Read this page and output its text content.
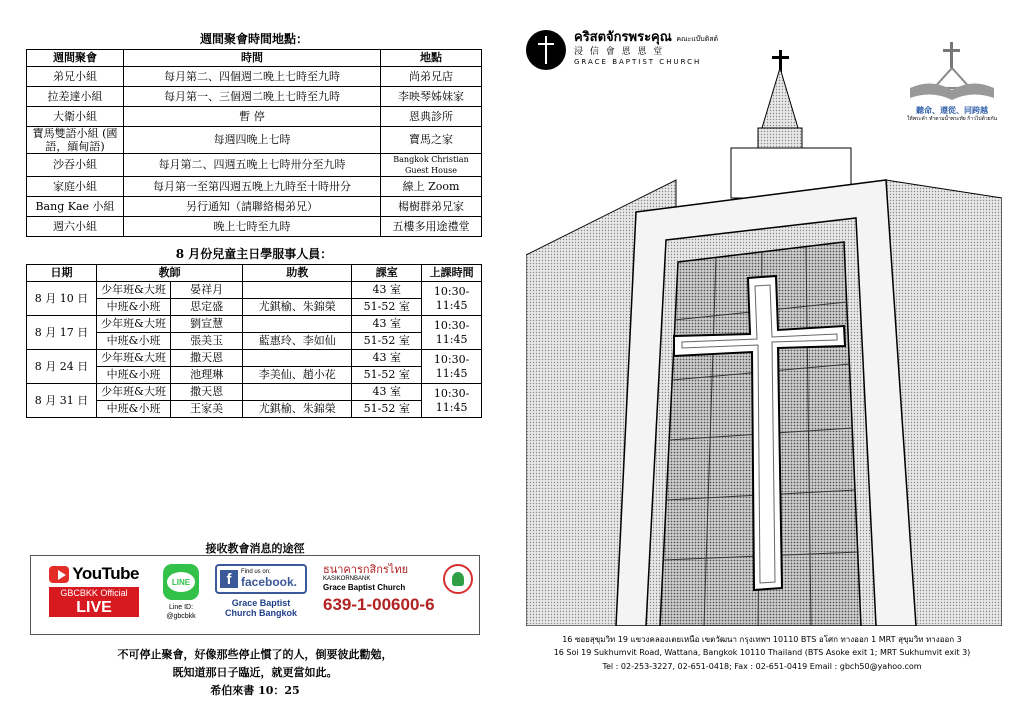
週間聚會時間地點：
週間聚會	時間	地點
弟兄小組	每月第二、四個週二晚上七時至九時	尚弟兄店
拉差達小組	每月第一、三個週二晚上七時至九時	李映琴姊妹家
大衛小組	暫 停	恩典診所
寶馬雙語小組 (國語，緬甸語)	每週四晚上七時	寶馬之家
沙吞小組	每月第二、四週五晚上七時卅分至九時	Bangkok Christian Guest House
家庭小組	每月第一至第四週五晚上九時至十時卅分	線上 Zoom
Bang Kae 小組	另行通知（請聯絡楊弟兄）	楊樹群弟兄家
週六小組	晚上七時至九時	五樓多用途禮堂
8 月份兒童主日學服事人員：
日期	教師		助教	課室	上課時間
8 月 10 日	少年班&大班	晏祥月		43 室	10:30-11:45
	中班&小班	思定盛	尤錤榆、朱錦榮	51-52 室	
8 月 17 日	少年班&大班	劉宣慧		43 室	10:30-11:45
	中班&小班	張美玉	藍惠玲、李如仙	51-52 室	
8 月 24 日	少年班&大班	撒天恩		43 室	10:30-11:45
	中班&小班	池理琳	李美仙、趙小花	51-52 室	
8 月 31 日	少年班&大班	撒天恩		43 室	10:30-11:45
	中班&小班	王家美	尤錤榆、朱錦榮	51-52 室	
接收教會消息的途徑
YouTube
GBCBKK Official
LIVE
LINE
Line ID:
@gbcbkk
f	Find us on:
facebook.
Grace Baptist Church Bangkok
ธนาคารกสิกรไทย
KASIKORNBANK
Grace Baptist Church
639-1-00600-6
不可停止聚會，好像那些停止慣了的人，倒要彼此勸勉，
既知道那日子臨近，就更當如此。
希伯來書 10：25
คริสตจักรพระคุณ คณะแบ๊บติสต์
浸 信 會 恩 恩 堂
GRACE BAPTIST CHURCH
聽命、遵從、同跨越
ให้พระคำ ทำตามน้ำพระทัย ก้าวไปด้วยกัน
16 ซอยสุขุมวิท 19 แขวงคลองเตยเหนือ เขตวัฒนา กรุงเทพฯ 10110 BTS อโศก ทางออก 1 MRT สุขุมวิท ทางออก 3
16 Soi 19 Sukhumvit Road, Wattana, Bangkok 10110 Thailand (BTS Asoke exit 1; MRT Sukhumvit exit 3)
Tel : 02-253-3227, 02-651-0418; Fax : 02-651-0419 Email : gbch50@yahoo.com
